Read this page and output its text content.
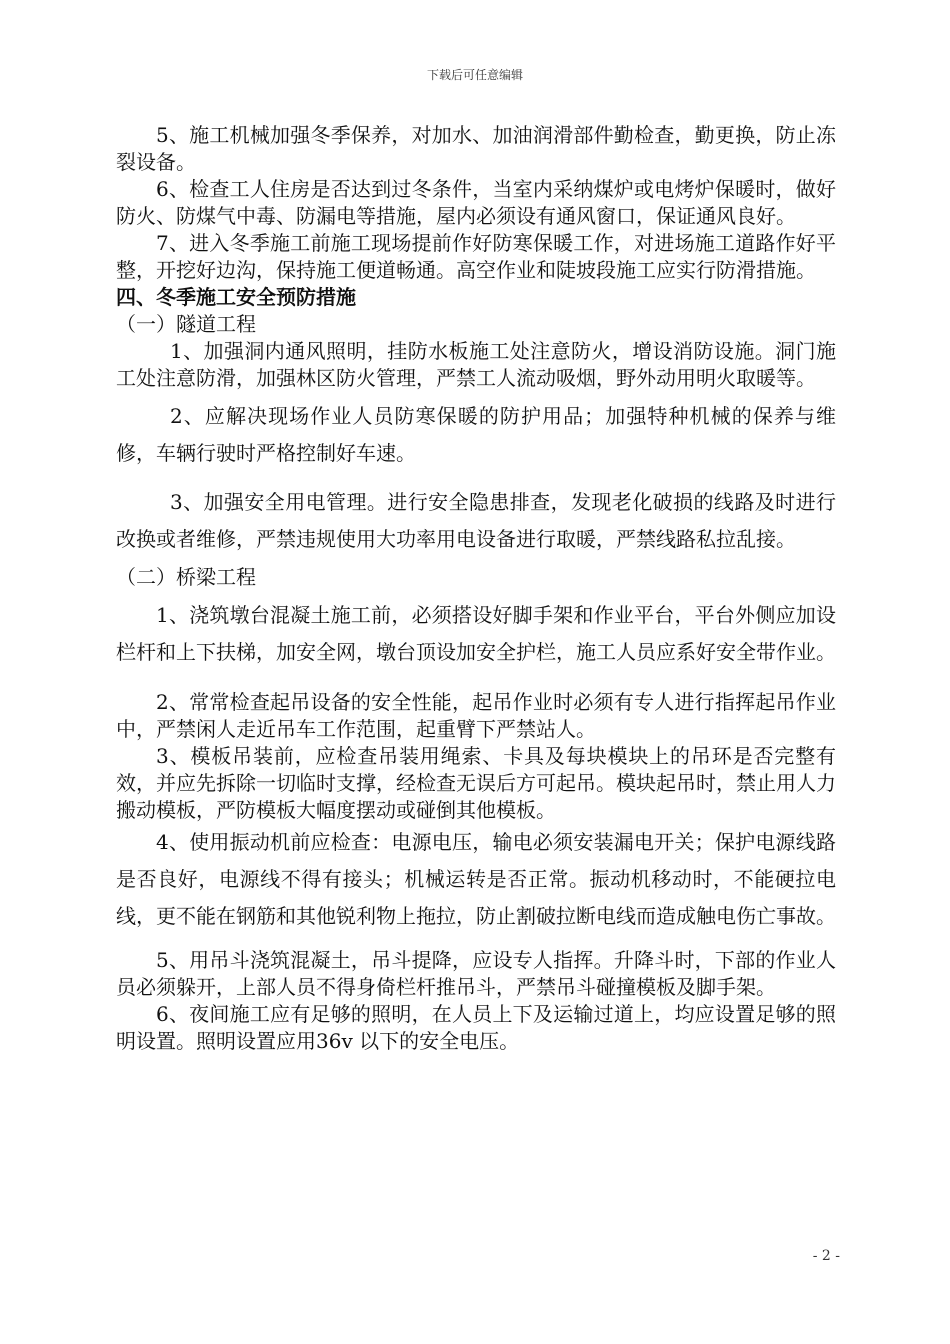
下载后可任意编辑

5、施工机械加强冬季保养，对加水、加油润滑部件勤检查，勤更换，防止冻裂设备。

6、检查工人住房是否达到过冬条件，当室内采纳煤炉或电烤炉保暖时，做好防火、防煤气中毒、防漏电等措施，屋内必须设有通风窗口，保证通风良好。

7、进入冬季施工前施工现场提前作好防寒保暖工作，对进场施工道路作好平整，开挖好边沟，保持施工便道畅通。高空作业和陡坡段施工应实行防滑措施。

四、冬季施工安全预防措施

（一）隧道工程

1、加强洞内通风照明，挂防水板施工处注意防火，增设消防设施。洞门施工处注意防滑，加强林区防火管理，严禁工人流动吸烟，野外动用明火取暖等。

2、应解决现场作业人员防寒保暖的防护用品；加强特种机械的保养与维修，车辆行驶时严格控制好车速。

3、加强安全用电管理。进行安全隐患排查，发现老化破损的线路及时进行改换或者维修，严禁违规使用大功率用电设备进行取暖，严禁线路私拉乱接。

（二）桥梁工程

1、浇筑墩台混凝土施工前，必须搭设好脚手架和作业平台，平台外侧应加设栏杆和上下扶梯，加安全网，墩台顶设加安全护栏，施工人员应系好安全带作业。

2、常常检查起吊设备的安全性能，起吊作业时必须有专人进行指挥起吊作业中，严禁闲人走近吊车工作范围，起重臂下严禁站人。

3、模板吊装前，应检查吊装用绳索、卡具及每块模块上的吊环是否完整有效，并应先拆除一切临时支撑，经检查无误后方可起吊。模块起吊时，禁止用人力搬动模板，严防模板大幅度摆动或碰倒其他模板。

4、使用振动机前应检查：电源电压，输电必须安装漏电开关；保护电源线路是否良好，电源线不得有接头；机械运转是否正常。振动机移动时，不能硬拉电线，更不能在钢筋和其他锐利物上拖拉，防止割破拉断电线而造成触电伤亡事故。

5、用吊斗浇筑混凝土，吊斗提降，应设专人指挥。升降斗时，下部的作业人员必须躲开，上部人员不得身倚栏杆推吊斗，严禁吊斗碰撞模板及脚手架。

6、夜间施工应有足够的照明，在人员上下及运输过道上，均应设置足够的照明设置。照明设置应用36v 以下的安全电压。

- 2 -
